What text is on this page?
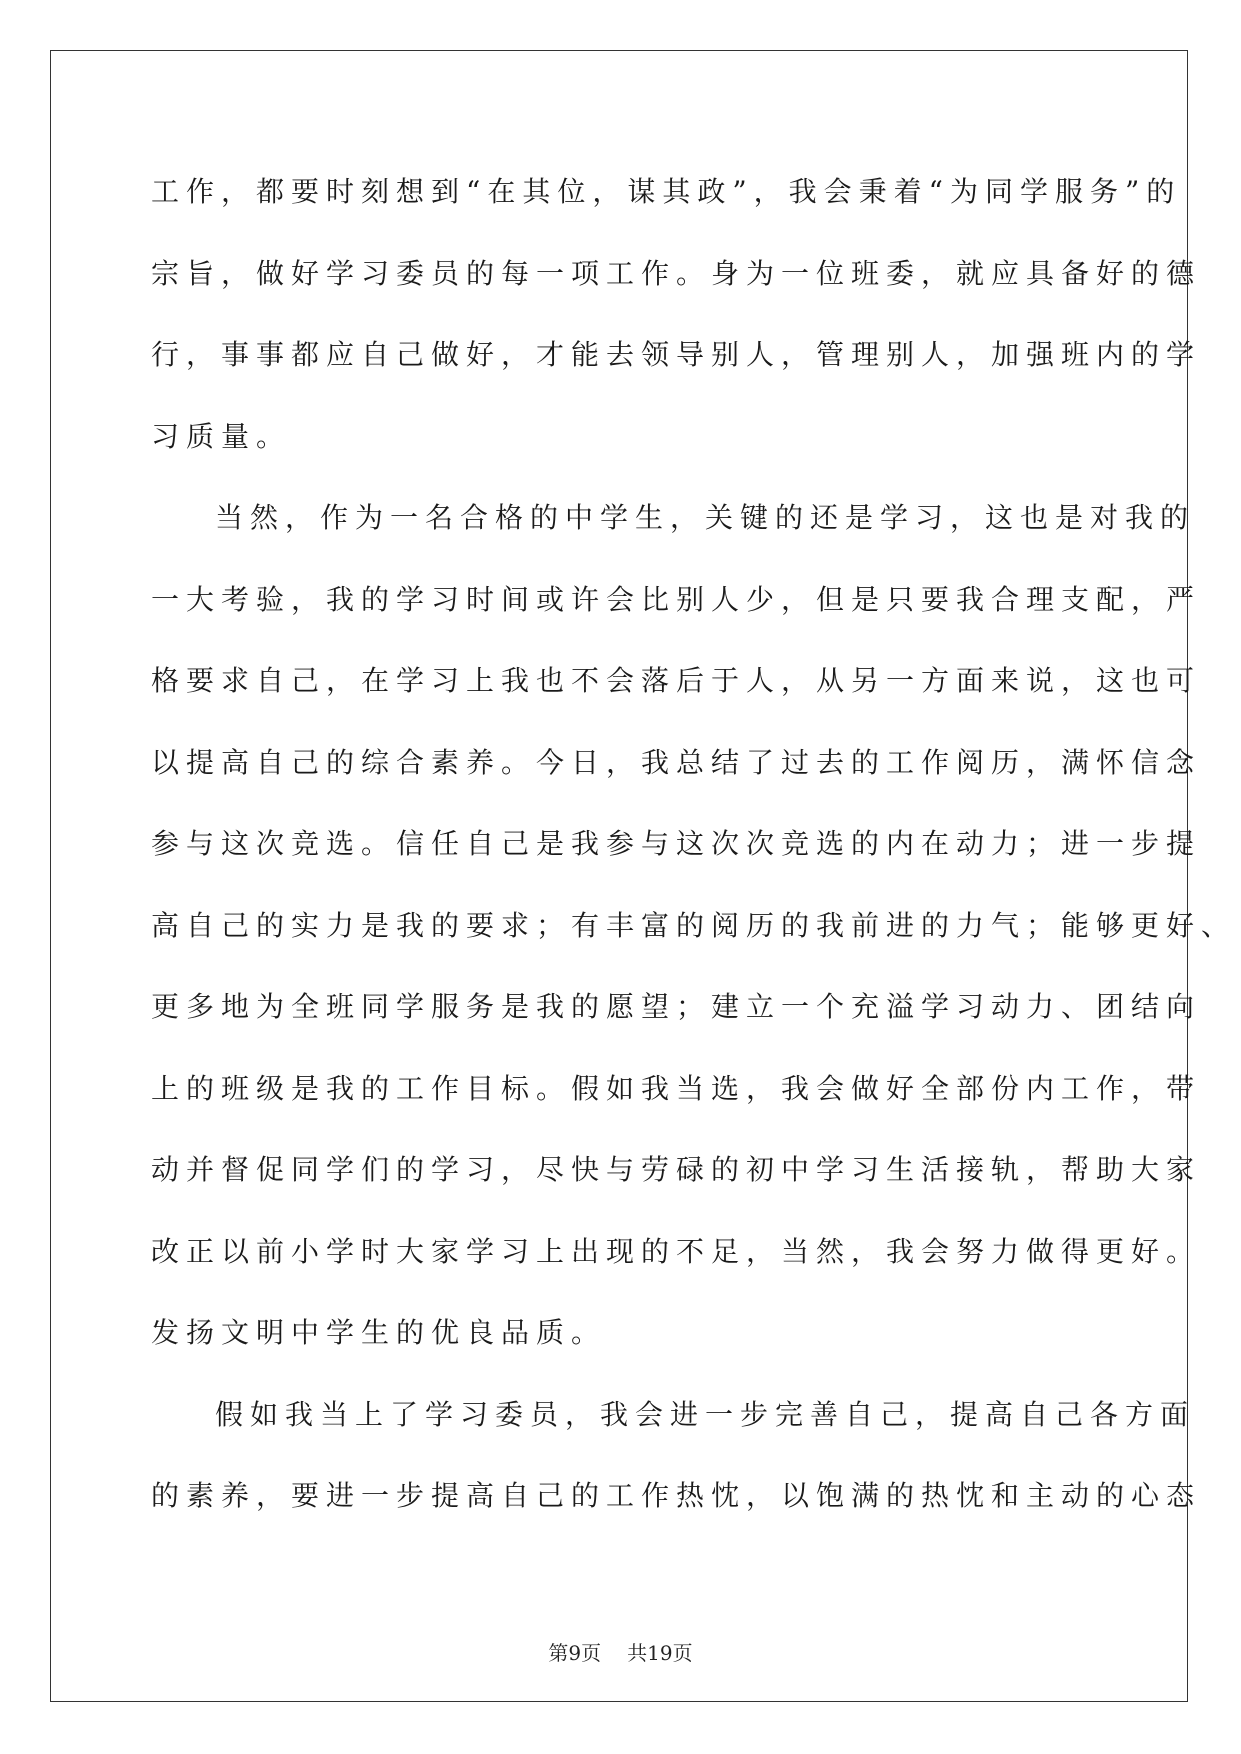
工作，都要时刻想到“在其位，谋其政”，我会秉着“为同学服务”的
宗旨，做好学习委员的每一项工作。身为一位班委，就应具备好的德
行，事事都应自己做好，才能去领导别人，管理别人，加强班内的学
习质量。
当然，作为一名合格的中学生，关键的还是学习，这也是对我的
一大考验，我的学习时间或许会比别人少，但是只要我合理支配，严
格要求自己，在学习上我也不会落后于人，从另一方面来说，这也可
以提高自己的综合素养。今日，我总结了过去的工作阅历，满怀信念
参与这次竞选。信任自己是我参与这次次竞选的内在动力；进一步提
高自己的实力是我的要求；有丰富的阅历的我前进的力气；能够更好、
更多地为全班同学服务是我的愿望；建立一个充溢学习动力、团结向
上的班级是我的工作目标。假如我当选，我会做好全部份内工作，带
动并督促同学们的学习，尽快与劳碌的初中学习生活接轨，帮助大家
改正以前小学时大家学习上出现的不足，当然，我会努力做得更好。
发扬文明中学生的优良品质。
假如我当上了学习委员，我会进一步完善自己，提高自己各方面
的素养，要进一步提高自己的工作热忱，以饱满的热忱和主动的心态
第9页 共19页
